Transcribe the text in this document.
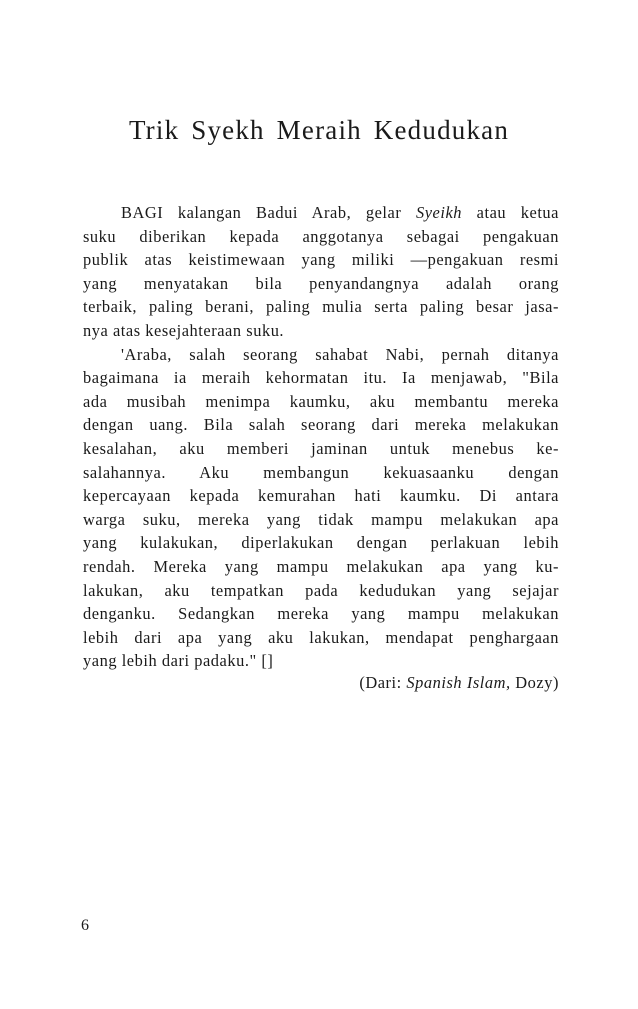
Trik Syekh Meraih Kedudukan
BAGI kalangan Badui Arab, gelar Syeikh atau ketua
suku diberikan kepada anggotanya sebagai pengakuan
publik atas keistimewaan yang miliki —pengakuan resmi
yang menyatakan bila penyandangnya adalah orang
terbaik, paling berani, paling mulia serta paling besar jasa-
nya atas kesejahteraan suku.
'Araba, salah seorang sahabat Nabi, pernah ditanya
bagaimana ia meraih kehormatan itu. Ia menjawab, "Bila
ada musibah menimpa kaumku, aku membantu mereka
dengan uang. Bila salah seorang dari mereka melakukan
kesalahan, aku memberi jaminan untuk menebus ke-
salahannya. Aku membangun kekuasaanku dengan
kepercayaan kepada kemurahan hati kaumku. Di antara
warga suku, mereka yang tidak mampu melakukan apa
yang kulakukan, diperlakukan dengan perlakuan lebih
rendah. Mereka yang mampu melakukan apa yang ku-
lakukan, aku tempatkan pada kedudukan yang sejajar
denganku. Sedangkan mereka yang mampu melakukan
lebih dari apa yang aku lakukan, mendapat penghargaan
yang lebih dari padaku." []

(Dari: Spanish Islam, Dozy)

6
